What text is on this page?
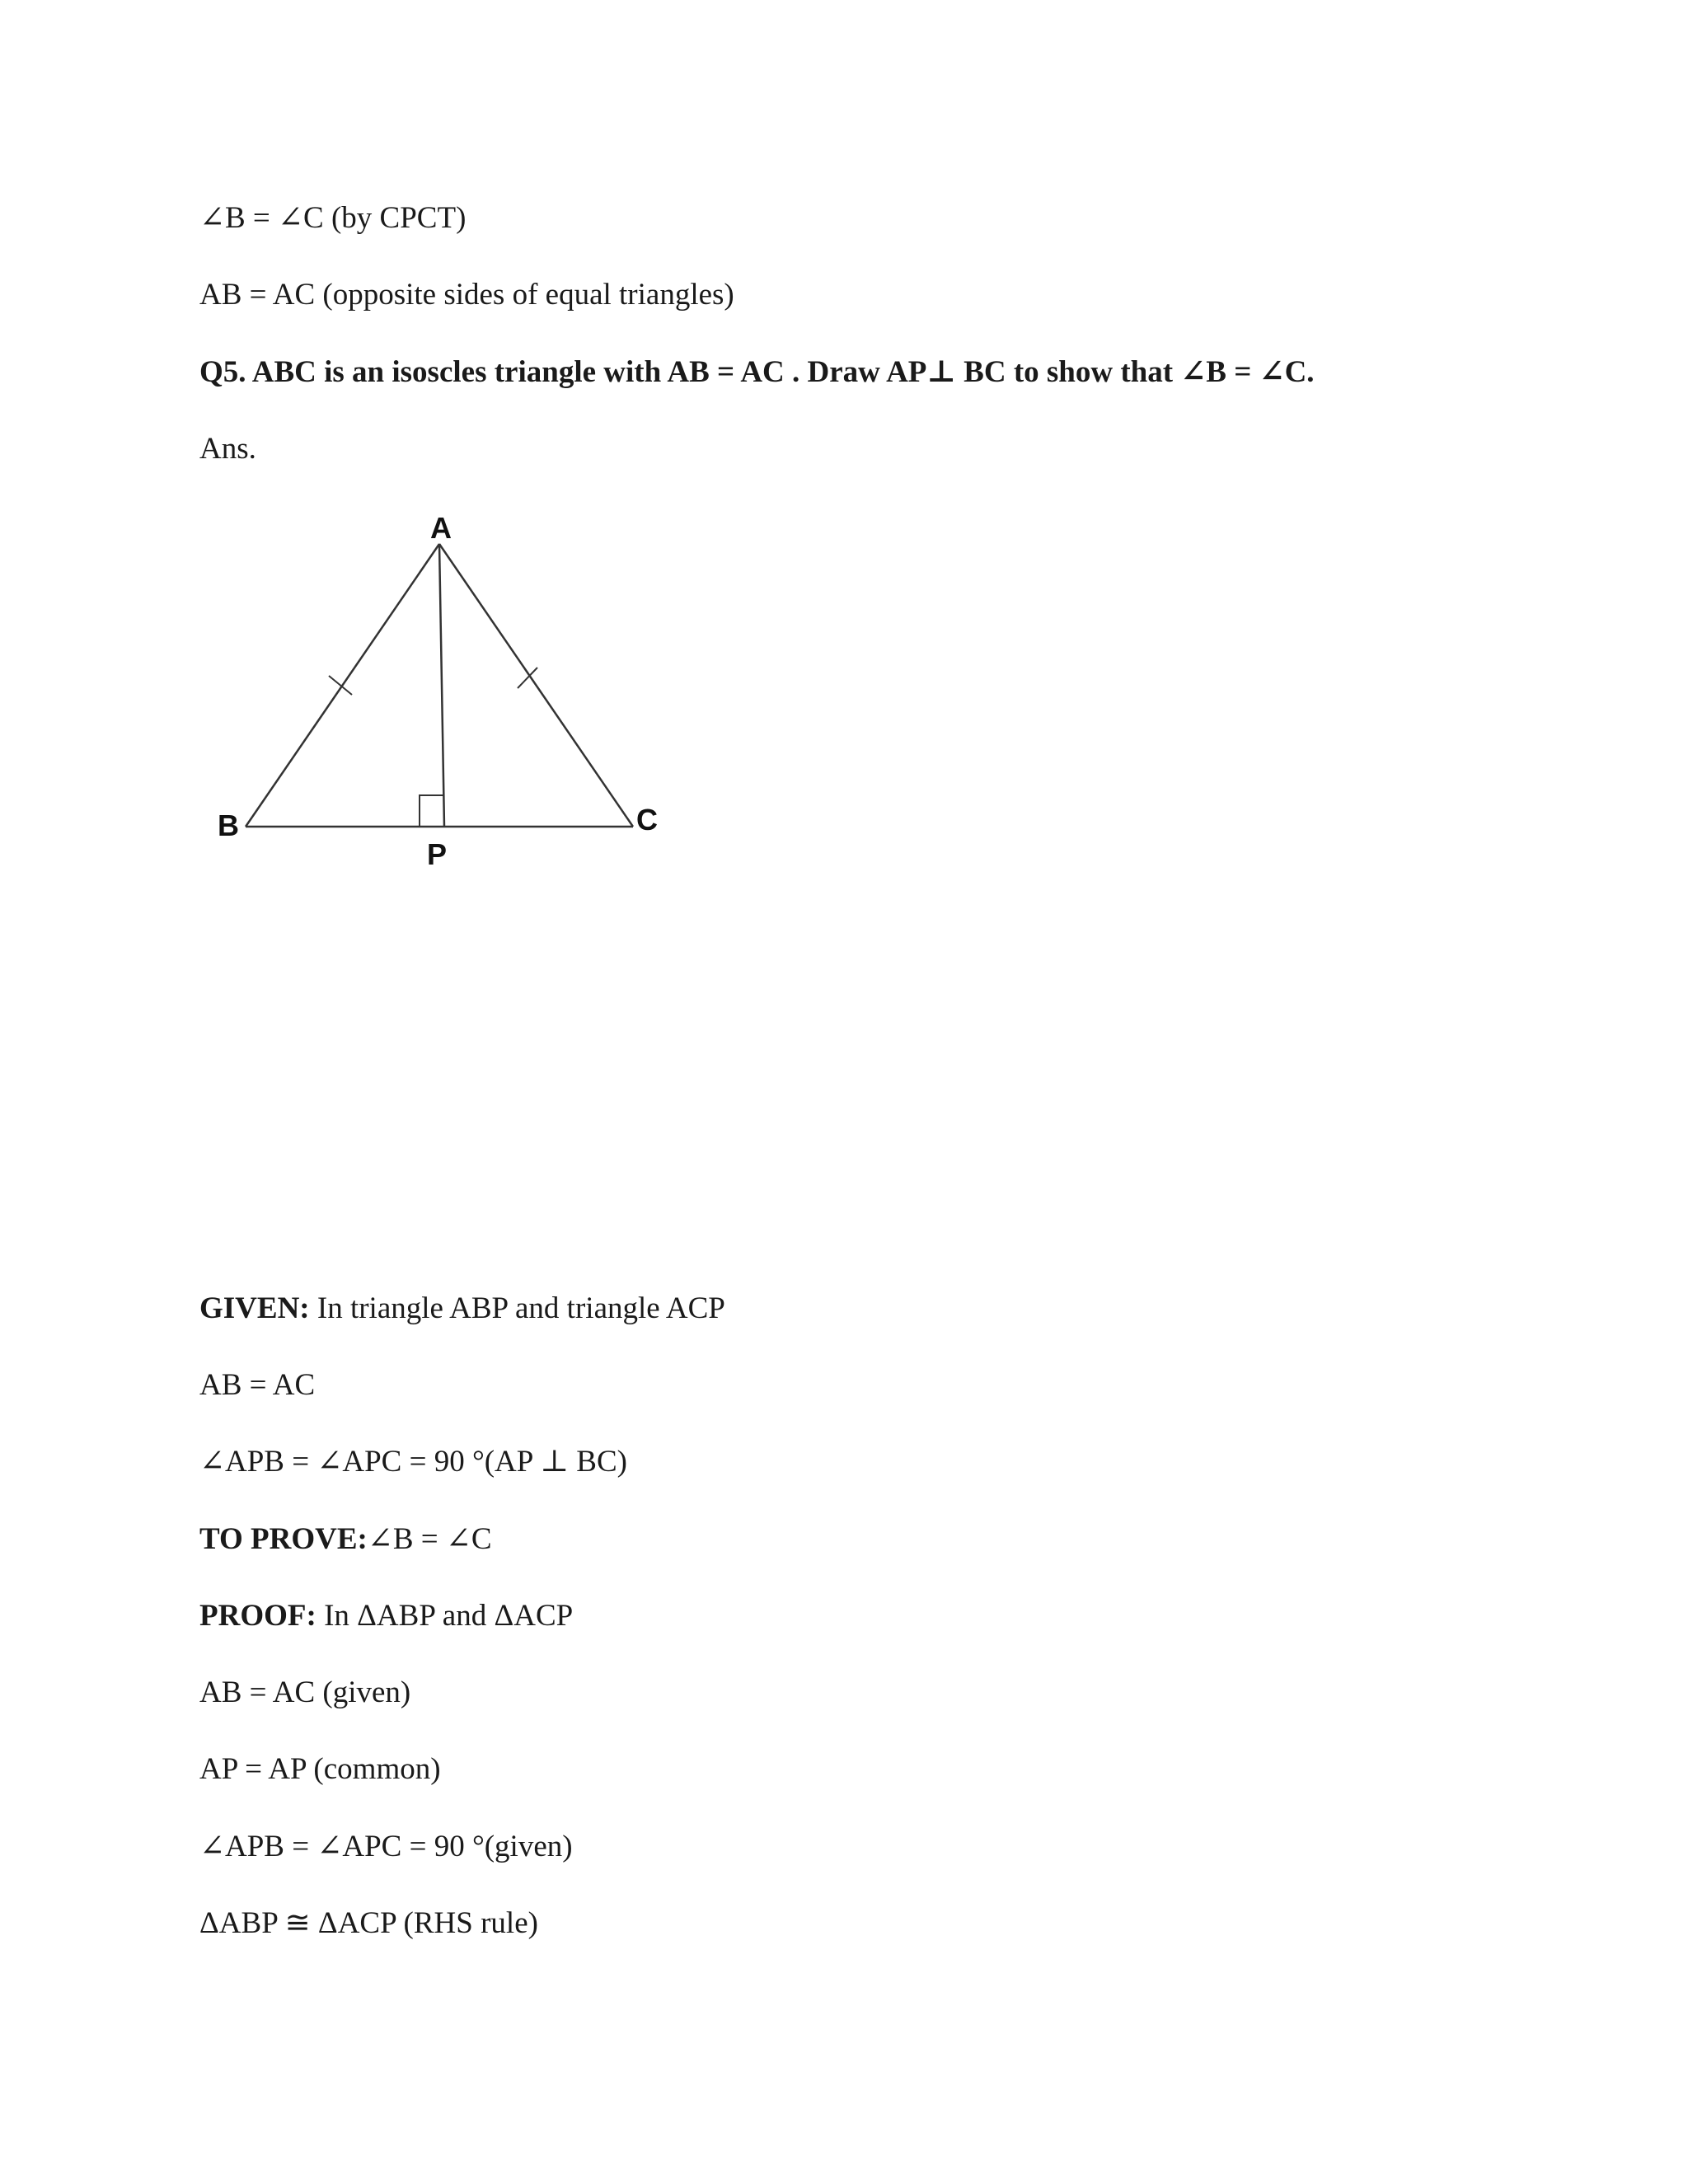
∠B = ∠C (by CPCT)
AB = AC (opposite sides of equal triangles)
Q5. ABC is an isoscles triangle with AB = AC . Draw AP⊥ BC to show that ∠B = ∠C.
Ans.
A
B	C
P
GIVEN: In triangle ABP and triangle ACP
AB = AC
∠APB = ∠APC = 90 °(AP ⊥ BC)
TO PROVE:∠B = ∠C
PROOF: In ΔABP and ΔACP
AB = AC (given)
AP = AP (common)
∠APB = ∠APC = 90 °(given)
ΔABP ≅ ΔACP (RHS rule)
